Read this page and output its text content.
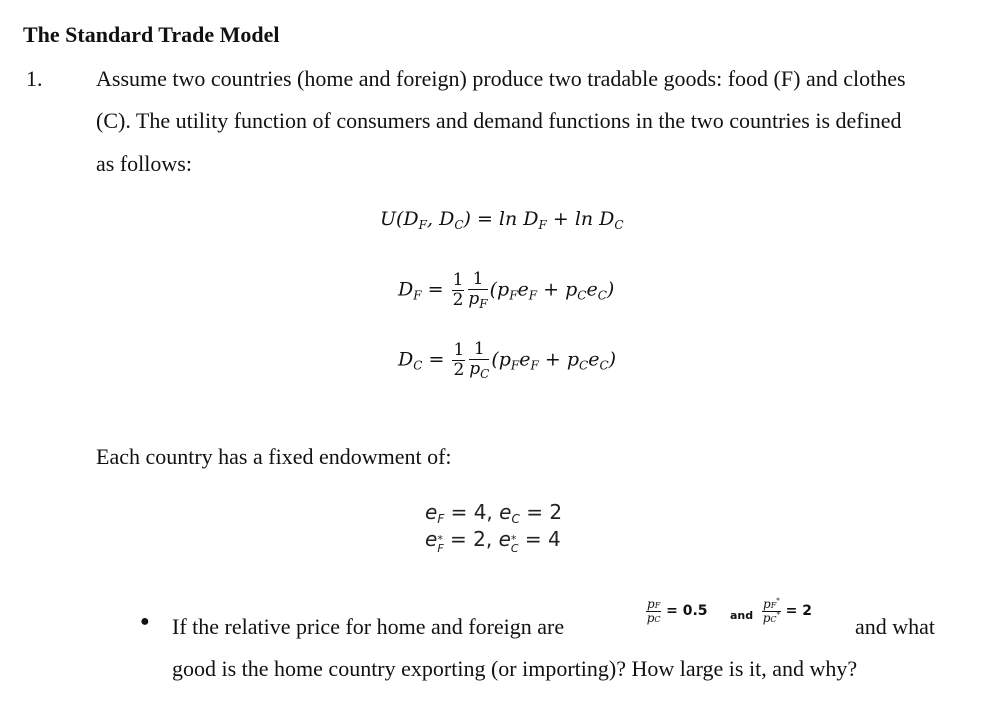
The Standard Trade Model
1. Assume two countries (home and foreign) produce two tradable goods: food (F) and clothes
(C). The utility function of consumers and demand functions in the two countries is defined
as follows:
$U(D_F$, $D_C) = \ln D_F + \ln D_C$
$D_F = \frac{1}{2} \frac{1}{p_F} (p_Fe_F + p_Ce_C)$
$D_C = \frac{1}{2} \frac{1}{p_C} (p_Fe_F + p_Ce_C)$
Each country has a fixed endowment of:
$e_F = 4$, $e_C = 2$
e *
F = 2, e *
C = 4
● If the relative price for home and foreign are
$\frac{pF}{pC} = 0.5$ and $\frac{pF^*}{pC^*} = 2$
and what
good is the home country exporting (or importing)? How large is it, and why?
